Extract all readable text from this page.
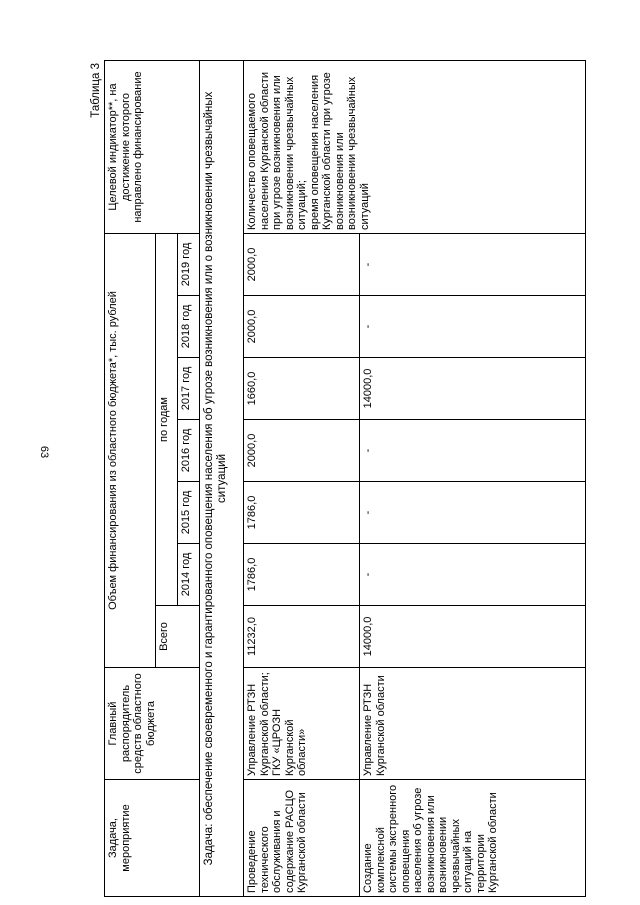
63
Таблица 3
Задача, мероприятие	Главный распорядитель средств областного бюджета	Объем финансирования из областного бюджета*, тыс. рублей							Целевой индикатор**, на достижение которого направлено финансирование
		Всего	по годам						
			2014 год	2015 год	2016 год	2017 год	2018 год	2019 год	
Задача: обеспечение своевременного и гарантированного оповещения населения об угрозе возникновения или о возникновении чрезвычайных ситуаций									
Проведение технического обслуживания и содержание РАСЦО Курганской области	Управление РТЗН Курганской области; ГКУ «ЦРОЗН Курганской области»	11232,0	1786,0	1786,0	2000,0	1660,0	2000,0	2000,0	Количество оповещаемого населения Курганской области при угрозе возникновения или возникновении чрезвычайных ситуаций;
время оповещения населения Курганской области при угрозе возникновения или возникновении чрезвычайных ситуаций
Создание комплексной системы экстренного оповещения населения об угрозе возникновения или возникновении чрезвычайных ситуаций на территории Курганской области	Управление РТЗН Курганской области	14000,0	-	-	-	14000,0	-	-	
